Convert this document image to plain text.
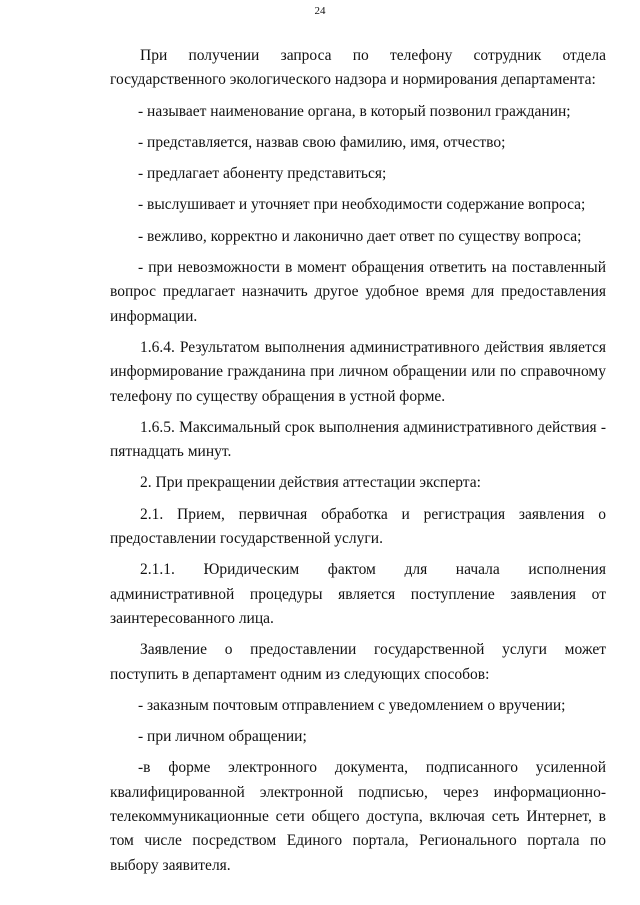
24

При получении запроса по телефону сотрудник отдела государственного экологического надзора и нормирования департамента:

- называет наименование органа, в который позвонил гражданин;

- представляется, назвав свою фамилию, имя, отчество;

- предлагает абоненту представиться;

- выслушивает и уточняет при необходимости содержание вопроса;

- вежливо, корректно и лаконично дает ответ по существу вопроса;

- при невозможности в момент обращения ответить на поставленный вопрос предлагает назначить другое удобное время для предоставления информации.

1.6.4. Результатом выполнения административного действия является информирование гражданина при личном обращении или по справочному телефону по существу обращения в устной форме.

1.6.5. Максимальный срок выполнения административного действия - пятнадцать минут.

2. При прекращении действия аттестации эксперта:

2.1. Прием, первичная обработка и регистрация заявления о предоставлении государственной услуги.

2.1.1. Юридическим фактом для начала исполнения административной процедуры является поступление заявления от заинтересованного лица.

Заявление о предоставлении государственной услуги может поступить в департамент одним из следующих способов:

- заказным почтовым отправлением с уведомлением о вручении;

- при личном обращении;

-в форме электронного документа, подписанного усиленной квалифицированной электронной подписью, через информационно-телекоммуникационные сети общего доступа, включая сеть Интернет, в том числе посредством Единого портала, Регионального портала по выбору заявителя.
